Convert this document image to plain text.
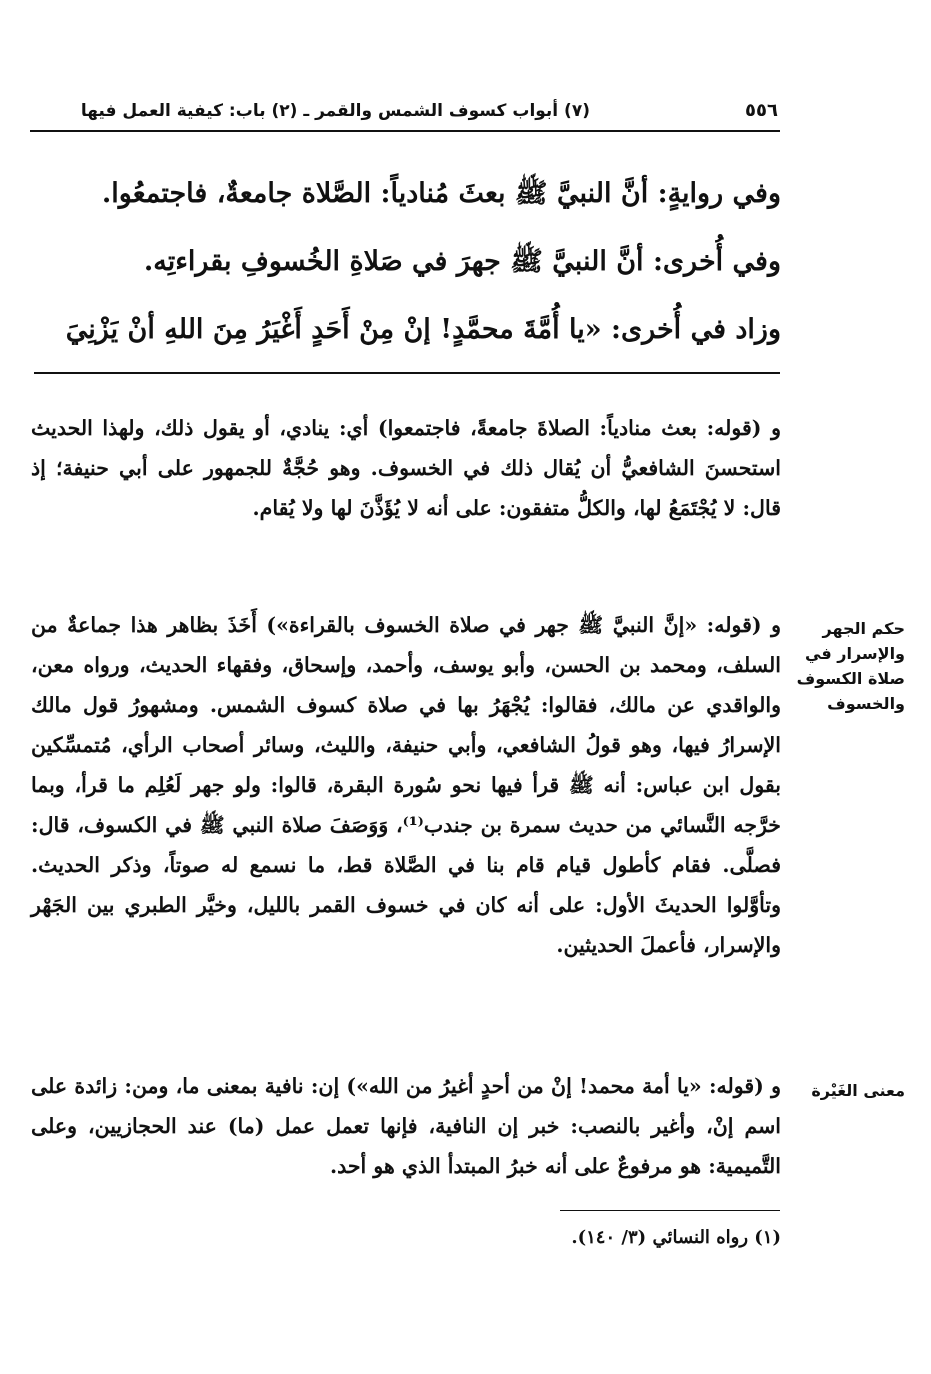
٥٥٦
(٧) أبواب كسوف الشمس والقمر ـ (٢) باب: كيفية العمل فيها

وفي روايةٍ: أنَّ النبيَّ ﷺ بعثَ مُنادياً: الصَّلاة جامعةٌ، فاجتمعُوا.

وفي أُخرى: أنَّ النبيَّ ﷺ جهرَ في صَلاةِ الخُسوفِ بقراءتِه.

وزاد في أُخرى: «يا أُمَّةَ محمَّدٍ! إنْ مِنْ أَحَدٍ أَغْيَرُ مِنَ اللهِ أنْ يَزْنِيَ

و (قوله: بعث منادياً: الصلاةَ جامعةً، فاجتمعوا) أي: ينادي، أو يقول ذلك، ولهذا الحديث استحسنَ الشافعيُّ أن يُقال ذلك في الخسوف. وهو حُجَّةٌ للجمهور على أبي حنيفة؛ إذ قال: لا يُجْتَمَعُ لها، والكلُّ متفقون: على أنه لا يُؤَذَّنَ لها ولا يُقام.

حكم الجهر والإسرار في صلاة الكسوف والخسوف

و (قوله: «إنَّ النبيَّ ﷺ جهر في صلاة الخسوف بالقراءة») أَخَذَ بظاهر هذا جماعةٌ من السلف، ومحمد بن الحسن، وأبو يوسف، وأحمد، وإسحاق، وفقهاء الحديث، ورواه معن، والواقدي عن مالك، فقالوا: يُجْهَرُ بها في صلاة كسوف الشمس. ومشهورُ قول مالك الإسرارُ فيها، وهو قولُ الشافعي، وأبي حنيفة، والليث، وسائر أصحاب الرأي، مُتمسِّكين بقول ابن عباس: أنه ﷺ قرأ فيها نحو سُورة البقرة، قالوا: ولو جهر لَعُلِم ما قرأ، وبما خرَّجه النَّسائي من حديث سمرة بن جندب⁽¹⁾، وَوَصَفَ صلاة النبي ﷺ في الكسوف، قال: فصلَّى. فقام كأطول قيام قام بنا في الصَّلاة قط، ما نسمع له صوتاً، وذكر الحديث. وتأوَّلوا الحديثَ الأول: على أنه كان في خسوف القمر بالليل، وخيَّر الطبري بين الجَهْر والإسرار، فأعملَ الحديثين.

معنى الغَيْرة

و (قوله: «يا أمة محمد! إنْ من أحدٍ أغيرُ من الله») إن: نافية بمعنى ما، ومن: زائدة على اسم إنْ، وأغير بالنصب: خبر إن النافية، فإنها تعمل عمل (ما) عند الحجازيين، وعلى التَّميمية: هو مرفوعٌ على أنه خبرُ المبتدأ الذي هو أحد.

(١) رواه النسائي (٣/ ١٤٠).
